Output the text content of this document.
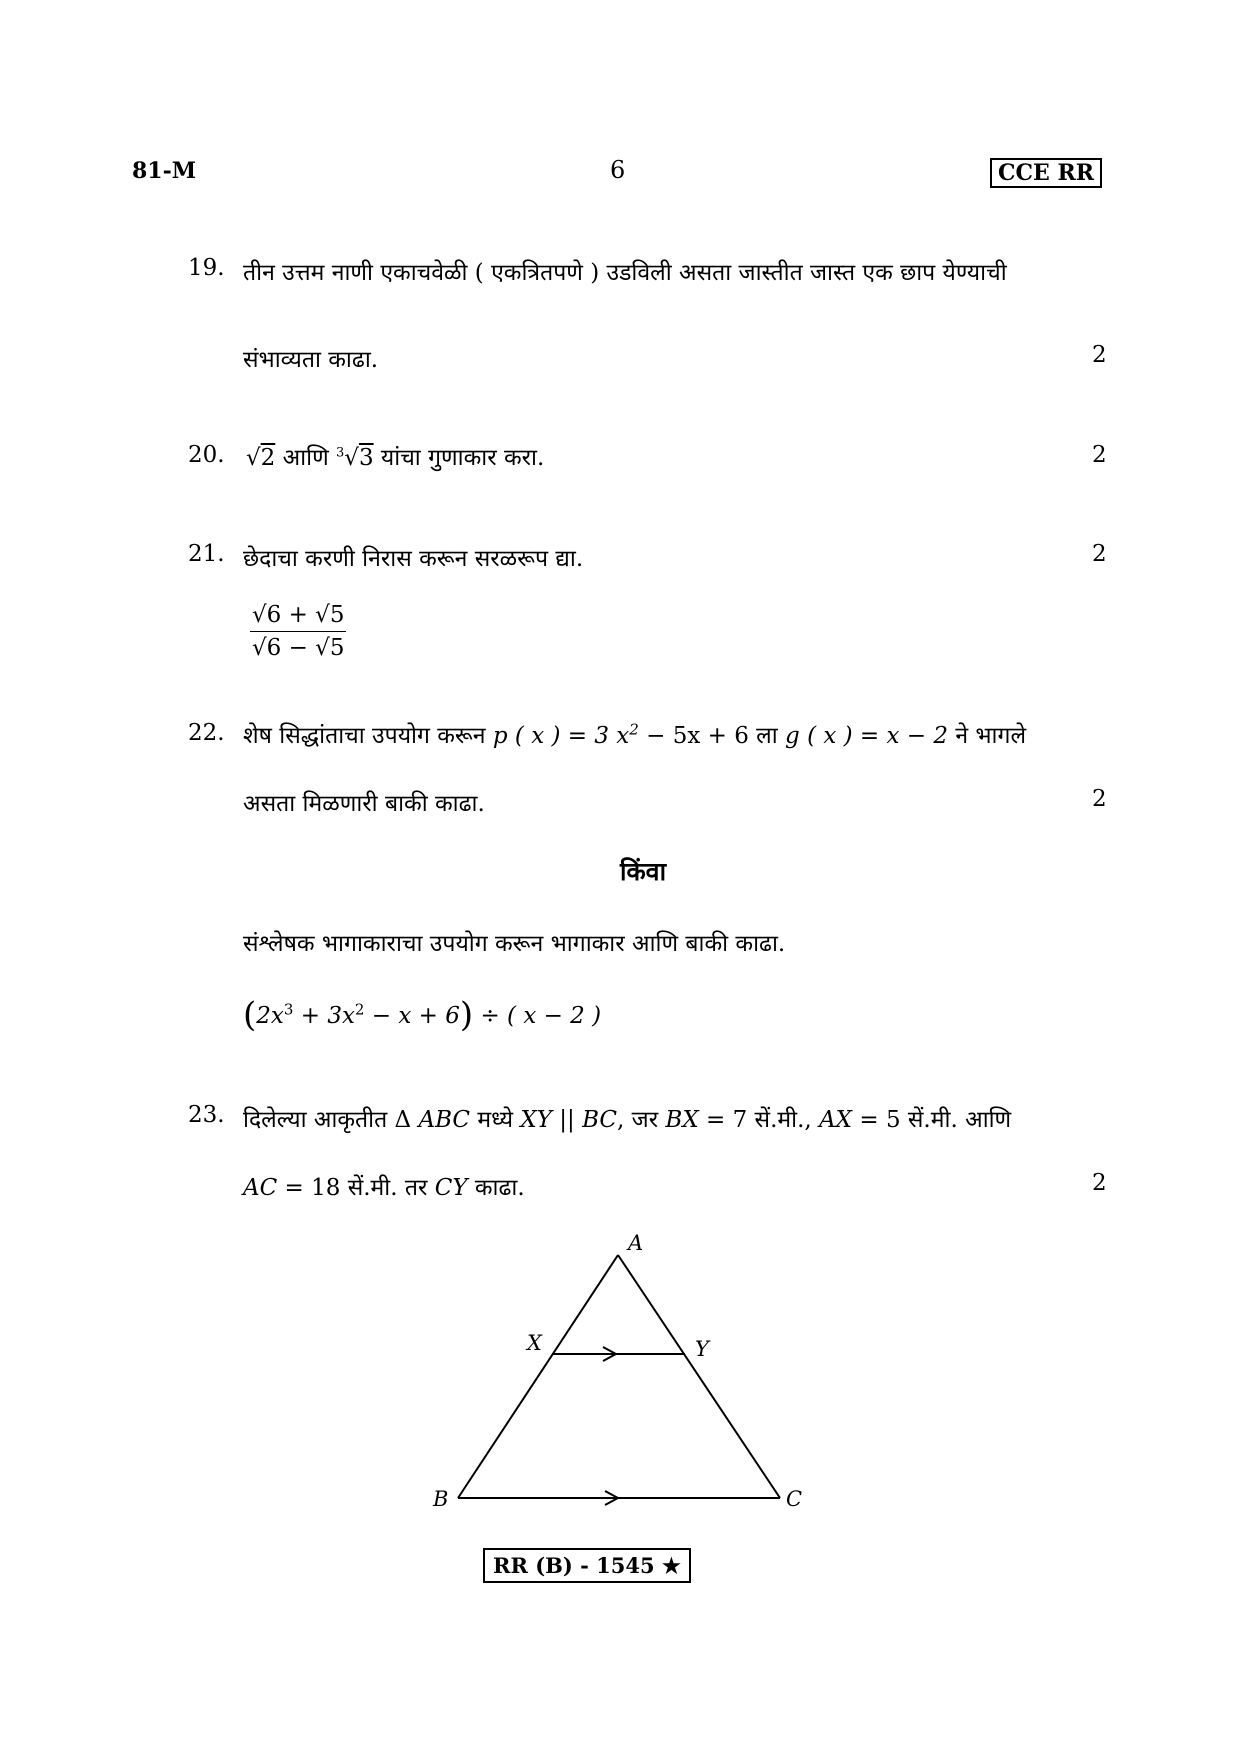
81-M	6	CCE RR
19. तीन उत्तम नाणी एकाचवेळी ( एकत्रितपणे ) उडविली असता जास्तीत जास्त एक छाप येण्याची
संभाव्यता काढा.	2
20. √2 आणि $^3$√3 यांचा गुणाकार करा.	2
21. छेदाचा करणी निरास करून सरळरूप द्या.	2
$\frac{√6 + √5}{√6 - √5}$
22. शेष सिद्धांताचा उपयोग करून p ( x ) = 3 $x^2 - 5x + 6$ ला g ( x ) = x − 2 ने भागले
असता मिळणारी बाकी काढा.	2
किंवा
संश्लेषक भागाकाराचा उपयोग करून भागाकार आणि बाकी काढा.
$(2x^3 + 3x^2 - x + 6)$ ÷ ( x − 2 )
23. दिलेल्या आकृतीत Δ ABC मध्ये XY || BC, जर BX = 7 सें.मी., AX = 5 सें.मी. आणि
AC = 18 सें.मी. तर CY काढा.	2
A
X	Y
B	C
RR (B) - 1545 ★
